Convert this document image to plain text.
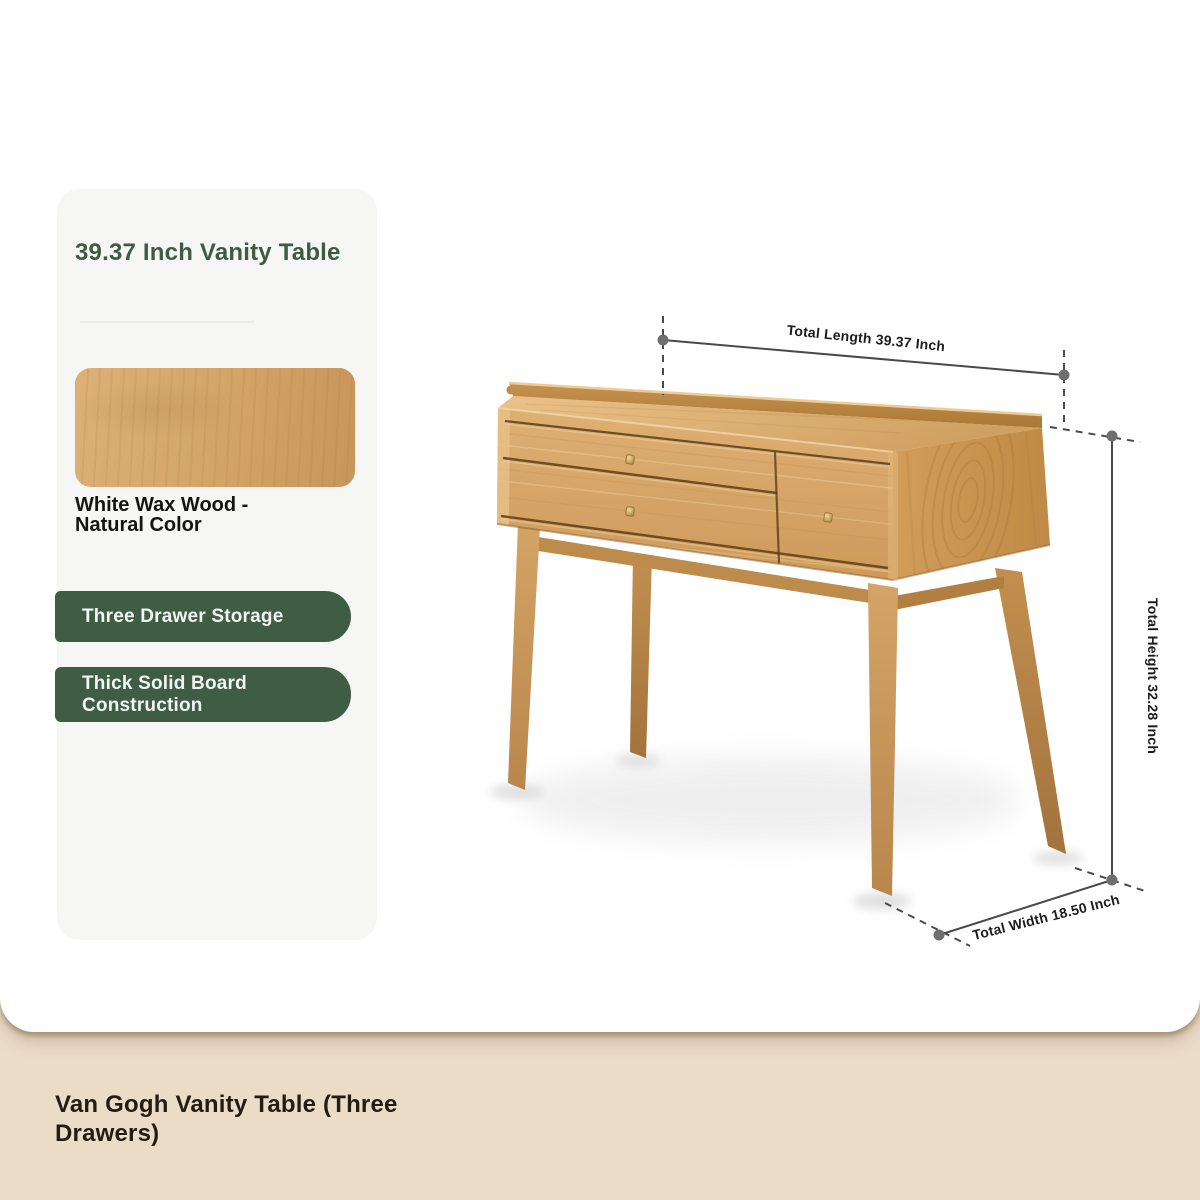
39.37 Inch Vanity Table
White Wax Wood - Natural Color
Three Drawer Storage
Thick Solid Board Construction
Total Length 39.37 Inch
Total Height 32.28 Inch
Total Width 18.50 Inch
Van Gogh Vanity Table (Three Drawers)
